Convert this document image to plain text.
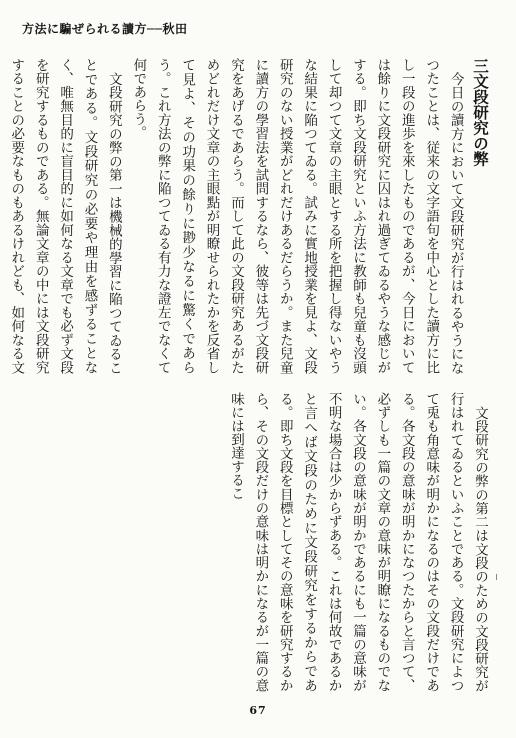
方法に騙ぜられる讀方──秋田
三文段研究の弊
今日の讀方において文段研究が行はれるやうになつたことは、従来の文字語句を中心とした讀方に比し一段の進歩を來したものであるが、今日においては餘りに文段研究に囚はれ過ぎてゐるやうな感じがする。即ち文段研究といふ方法に教師も兒童も沒頭して却つて文章の主眼とする所を把握し得ないやうな結果に陥つてゐる。試みに實地授業を見よ、文段研究のない授業がどれだけあるだらうか。また兒童に讀方の學習法を試問するなら、彼等は先づ文段研究をあげるであらう。而して此の文段研究あるがためどれだけ文章の主眼點が明瞭せられたかを反省して見よ、その功果の餘りに尠少なるに驚くであらう。これ方法の弊に陥つてゐる有力な證左でなくて何であらう。
文段研究の弊の第一は機械的學習に陥つてゐることである。文段研究の必要や理由を感ずることなく、唯無目的に盲目的に如何なる文章でも必ず文段を研究するものである。無論文章の中には文段研究することの必要なものもあるけれども、如何なる文
文段研究の弊の第二は文段のための文段研究が行はれてゐるといふことである。文段研究によつて兎も角意味が明かになるのはその文段だけである。各文段の意味が明かになつたからと言つて、必ずしも一篇の文章の意味が明瞭になるものでない。各文段の意味が明かであるにも一篇の意味が不明な場合は少からずある。これは何故であるかと言へば文段のために文段研究をするからである。即ち文段を目標としてその意味を研究するから、その文段だけの意味は明かになるが一篇の意味には到達するこ
67
